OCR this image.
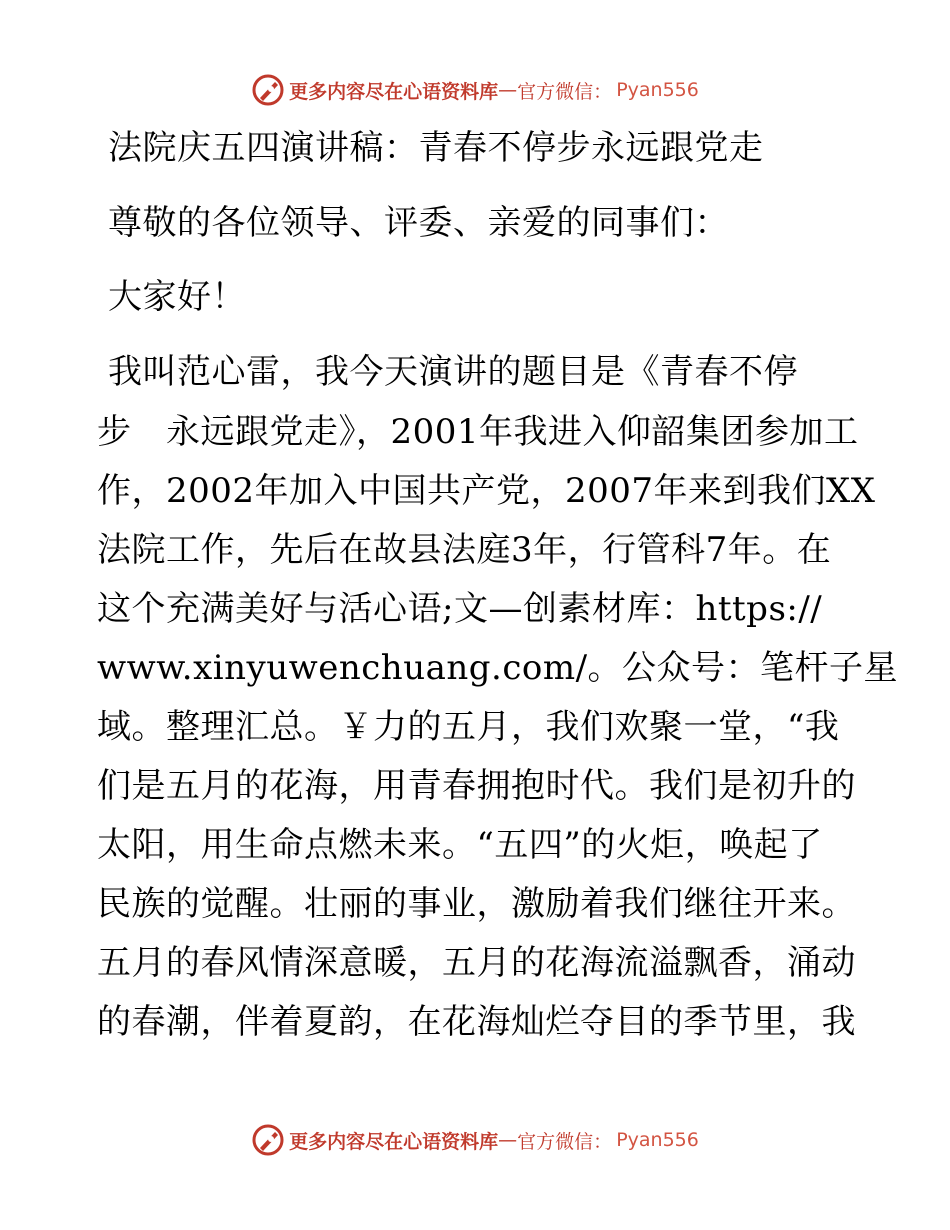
更多内容尽在心语资料库 — 官方微信： Pyan556

法院庆五四演讲稿：青春不停步永远跟党走

尊敬的各位领导、评委、亲爱的同事们：

大家好！

我叫范心雷，我今天演讲的题目是《青春不停

步　永远跟党走》，2001年我进入仰韶集团参加工

作，2002年加入中国共产党，2007年来到我们XX

法院工作，先后在故县法庭3年，行管科7年。在

这个充满美好与活心语;文—创素材库：https://

www.xinyuwenchuang.com/。公众号：笔杆子星

域。整理汇总。￥力的五月，我们欢聚一堂，“我

们是五月的花海，用青春拥抱时代。我们是初升的

太阳，用生命点燃未来。“五四”的火炬，唤起了

民族的觉醒。壮丽的事业，激励着我们继往开来。

五月的春风情深意暖，五月的花海流溢飘香，涌动

的春潮，伴着夏韵，在花海灿烂夺目的季节里，我

更多内容尽在心语资料库 — 官方微信： Pyan556
